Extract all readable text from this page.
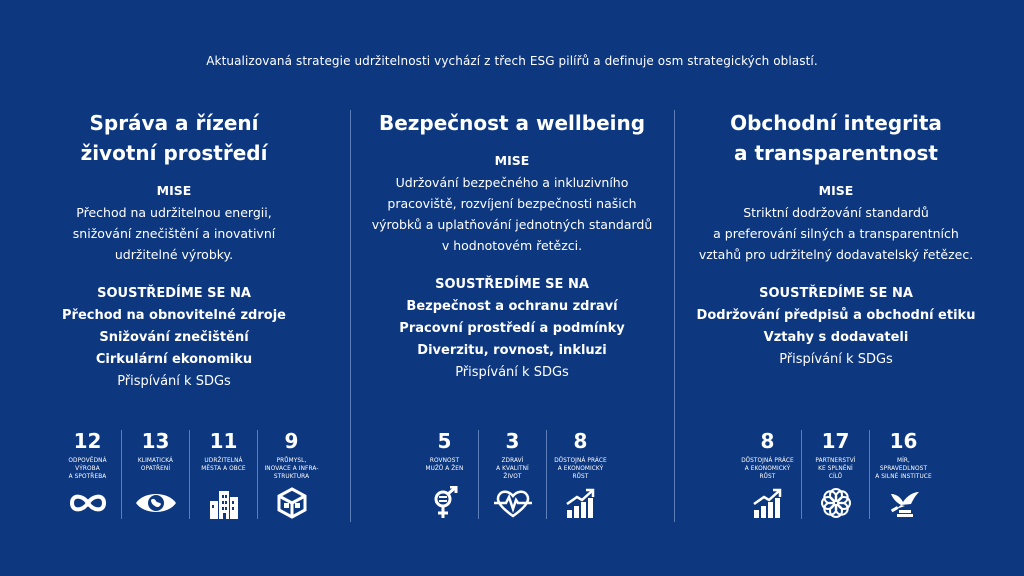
Aktualizovaná strategie udržitelnosti vychází z třech ESG pilířů a definuje osm strategických oblastí.
Správa a řízení
životní prostředí
MISE
Přechod na udržitelnou energii,
snižování znečištění a inovativní
udržitelné výrobky.
SOUSTŘEDÍME SE NA
Přechod na obnovitelné zdroje
Snižování znečištění
Cirkulární ekonomiku
Přispívání k SDGs
Bezpečnost a wellbeing
MISE
Udržování bezpečného a inkluzivního
pracoviště, rozvíjení bezpečnosti našich
výrobků a uplatňování jednotných standardů
v hodnotovém řetězci.
SOUSTŘEDÍME SE NA
Bezpečnost a ochranu zdraví
Pracovní prostředí a podmínky
Diverzitu, rovnost, inkluzi
Přispívání k SDGs
Obchodní integrita
a transparentnost
MISE
Striktní dodržování standardů
a preferování silných a transparentních
vztahů pro udržitelný dodavatelský řetězec.
SOUSTŘEDÍME SE NA
Dodržování předpisů a obchodní etiku
Vztahy s dodavateli
Přispívání k SDGs
12
ODPOVĚDNÁ
VÝROBA
A SPOTŘEBA
13
KLIMATICKÁ
OPATŘENÍ
11
UDRŽITELNÁ
MĚSTA A OBCE
9
PRŮMYSL,
INOVACE A INFRA-
STRUKTURA
5
ROVNOST
MUŽŮ A ŽEN
3
ZDRAVÍ
A KVALITNÍ
ŽIVOT
8
DŮSTOJNÁ PRÁCE
A EKONOMICKÝ
RŮST
8
DŮSTOJNÁ PRÁCE
A EKONOMICKÝ
RŮST
17
PARTNERSTVÍ
KE SPLNĚNÍ
CÍLŮ
16
MÍR,
SPRAVEDLNOST
A SILNÉ INSTITUCE
